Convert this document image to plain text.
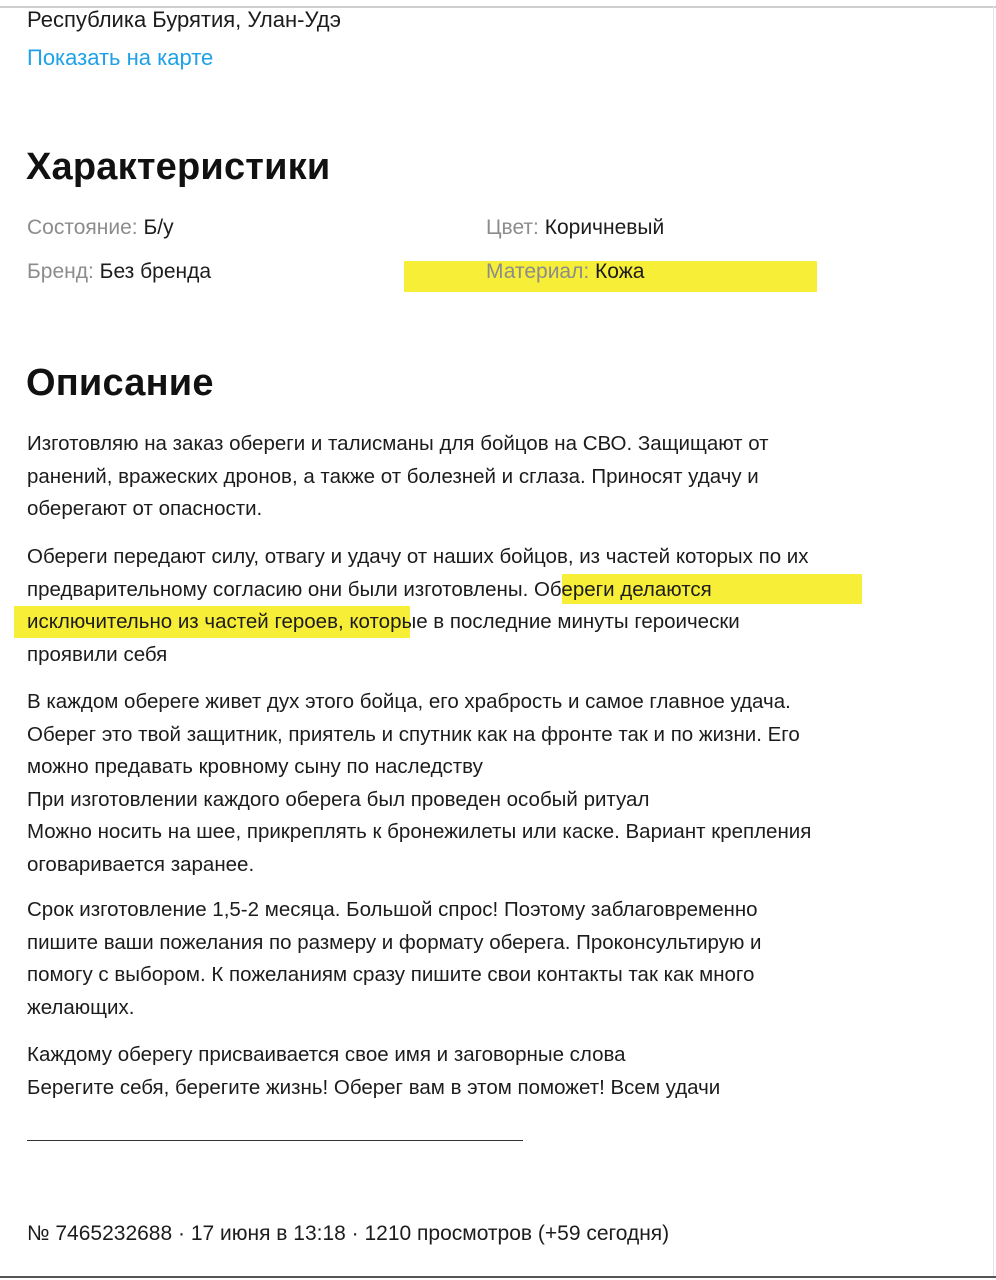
Республика Бурятия, Улан-Удэ
Показать на карте
Характеристики
Состояние: Б/у	Цвет: Коричневый
Бренд: Без бренда	Материал: Кожа
Описание
Изготовляю на заказ обереги и талисманы для бойцов на СВО. Защищают от
ранений, вражеских дронов, а также от болезней и сглаза. Приносят удачу и
оберегают от опасности.
Обереги передают силу, отвагу и удачу от наших бойцов, из частей которых по их
предварительному согласию они были изготовлены. Обереги делаются
исключительно из частей героев, которые в последние минуты героически
проявили себя
В каждом обереге живет дух этого бойца, его храбрость и самое главное удача.
Оберег это твой защитник, приятель и спутник как на фронте так и по жизни. Его
можно предавать кровному сыну по наследству
При изготовлении каждого оберега был проведен особый ритуал
Можно носить на шее, прикреплять к бронежилеты или каске. Вариант крепления
оговаривается заранее.
Срок изготовление 1,5-2 месяца. Большой спрос! Поэтому заблаговременно
пишите ваши пожелания по размеру и формату оберега. Проконсультирую и
помогу с выбором. К пожеланиям сразу пишите свои контакты так как много
желающих.
Каждому оберегу присваивается свое имя и заговорные слова
Берегите себя, берегите жизнь! Оберег вам в этом поможет! Всем удачи
№ 7465232688 · 17 июня в 13:18 · 1210 просмотров (+59 сегодня)
